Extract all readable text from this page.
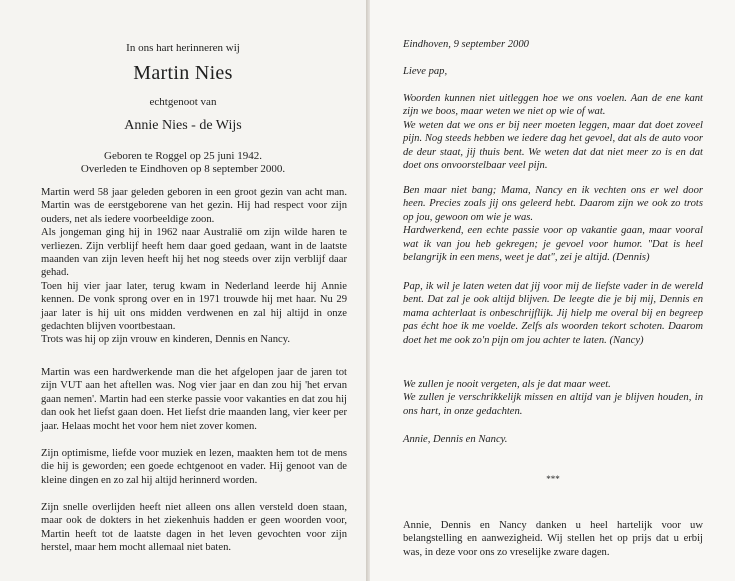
In ons hart herinneren wij
Martin Nies
echtgenoot van
Annie Nies - de Wijs
Geboren te Roggel op 25 juni 1942.
Overleden te Eindhoven op 8 september 2000.

Martin werd 58 jaar geleden geboren in een groot gezin van acht man. Martin was de eerstgeborene van het gezin. Hij had respect voor zijn ouders, net als iedere voorbeeldige zoon.

Als jongeman ging hij in 1962 naar Australië om zijn wilde haren te verliezen. Zijn verblijf heeft hem daar goed gedaan, want in de laatste maanden van zijn leven heeft hij het nog steeds over zijn verblijf daar gehad.

Toen hij vier jaar later, terug kwam in Nederland leerde hij Annie kennen. De vonk sprong over en in 1971 trouwde hij met haar. Nu 29 jaar later is hij uit ons midden verdwenen en zal hij altijd in onze gedachten blijven voortbestaan.

Trots was hij op zijn vrouw en kinderen, Dennis en Nancy.

Martin was een hardwerkende man die het afgelopen jaar de jaren tot zijn VUT aan het aftellen was. Nog vier jaar en dan zou hij 'het ervan gaan nemen'. Martin had een sterke passie voor vakanties en dat zou hij dan ook het liefst gaan doen. Het liefst drie maanden lang, vier keer per jaar. Helaas mocht het voor hem niet zover komen.

Zijn optimisme, liefde voor muziek en lezen, maakten hem tot de mens die hij is geworden; een goede echtgenoot en vader. Hij genoot van de kleine dingen en zo zal hij altijd herinnerd worden.

Zijn snelle overlijden heeft niet alleen ons allen versteld doen staan, maar ook de dokters in het ziekenhuis hadden er geen woorden voor, Martin heeft tot de laatste dagen in het leven gevochten voor zijn herstel, maar hem mocht allemaal niet baten.

Eindhoven, 9 september 2000
Lieve pap,

Woorden kunnen niet uitleggen hoe we ons voelen. Aan de ene kant zijn we boos, maar weten we niet op wie of wat.

We weten dat we ons er bij neer moeten leggen, maar dat doet zoveel pijn. Nog steeds hebben we iedere dag het gevoel, dat als de auto voor de deur staat, jij thuis bent. We weten dat dat niet meer zo is en dat doet ons onvoorstelbaar veel pijn.

Ben maar niet bang; Mama, Nancy en ik vechten ons er wel door heen. Precies zoals jij ons geleerd hebt. Daarom zijn we ook zo trots op jou, gewoon om wie je was.

Hardwerkend, een echte passie voor op vakantie gaan, maar vooral wat ik van jou heb gekregen; je gevoel voor humor. "Dat is heel belangrijk in een mens, weet je dat", zei je altijd. (Dennis)

Pap, ik wil je laten weten dat jij voor mij de liefste vader in de wereld bent. Dat zal je ook altijd blijven. De leegte die je bij mij, Dennis en mama achterlaat is onbeschrijflijk. Jij hielp me overal bij en begreep pas écht hoe ik me voelde. Zelfs als woorden tekort schoten. Daarom doet het me ook zo'n pijn om jou achter te laten. (Nancy)

We zullen je nooit vergeten, als je dat maar weet.

We zullen je verschrikkelijk missen en altijd van je blijven houden, in ons hart, in onze gedachten.

Annie, Dennis en Nancy.
***
Annie, Dennis en Nancy danken u heel hartelijk voor uw belangstelling en aanwezigheid. Wij stellen het op prijs dat u erbij was, in deze voor ons zo vreselijke zware dagen.
